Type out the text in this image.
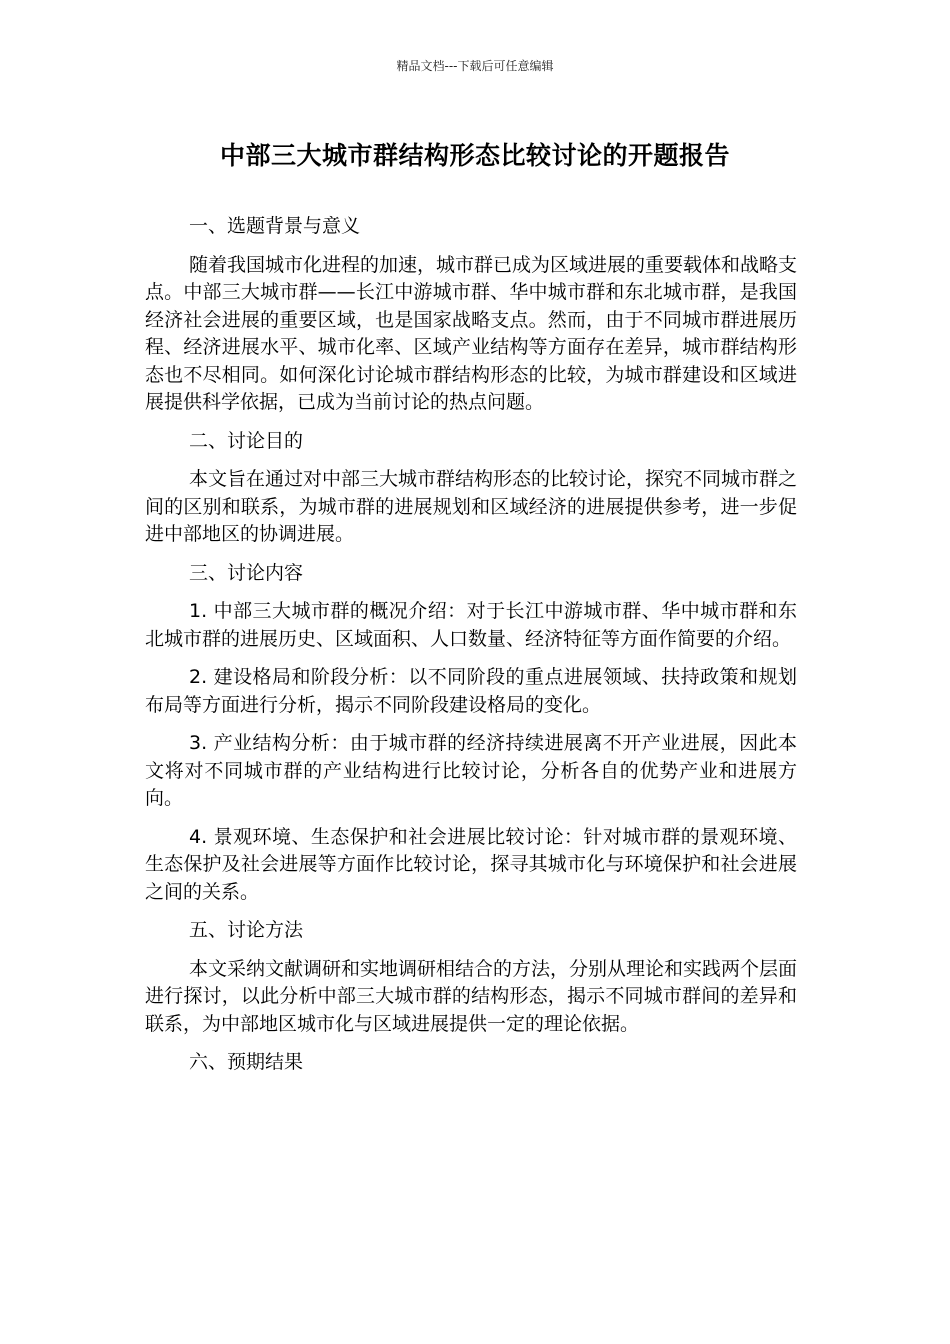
精品文档---下载后可任意编辑
中部三大城市群结构形态比较讨论的开题报告
一、选题背景与意义

随着我国城市化进程的加速，城市群已成为区域进展的重要载体和战略支点。中部三大城市群——长江中游城市群、华中城市群和东北城市群，是我国经济社会进展的重要区域，也是国家战略支点。然而，由于不同城市群进展历程、经济进展水平、城市化率、区域产业结构等方面存在差异，城市群结构形态也不尽相同。如何深化讨论城市群结构形态的比较，为城市群建设和区域进展提供科学依据，已成为当前讨论的热点问题。

二、讨论目的

本文旨在通过对中部三大城市群结构形态的比较讨论，探究不同城市群之间的区别和联系，为城市群的进展规划和区域经济的进展提供参考，进一步促进中部地区的协调进展。

三、讨论内容

1. 中部三大城市群的概况介绍：对于长江中游城市群、华中城市群和东北城市群的进展历史、区域面积、人口数量、经济特征等方面作简要的介绍。

2. 建设格局和阶段分析：以不同阶段的重点进展领域、扶持政策和规划布局等方面进行分析，揭示不同阶段建设格局的变化。

3. 产业结构分析：由于城市群的经济持续进展离不开产业进展，因此本文将对不同城市群的产业结构进行比较讨论，分析各自的优势产业和进展方向。

4. 景观环境、生态保护和社会进展比较讨论：针对城市群的景观环境、生态保护及社会进展等方面作比较讨论，探寻其城市化与环境保护和社会进展之间的关系。

五、讨论方法

本文采纳文献调研和实地调研相结合的方法，分别从理论和实践两个层面进行探讨，以此分析中部三大城市群的结构形态，揭示不同城市群间的差异和联系，为中部地区城市化与区域进展提供一定的理论依据。

六、预期结果
